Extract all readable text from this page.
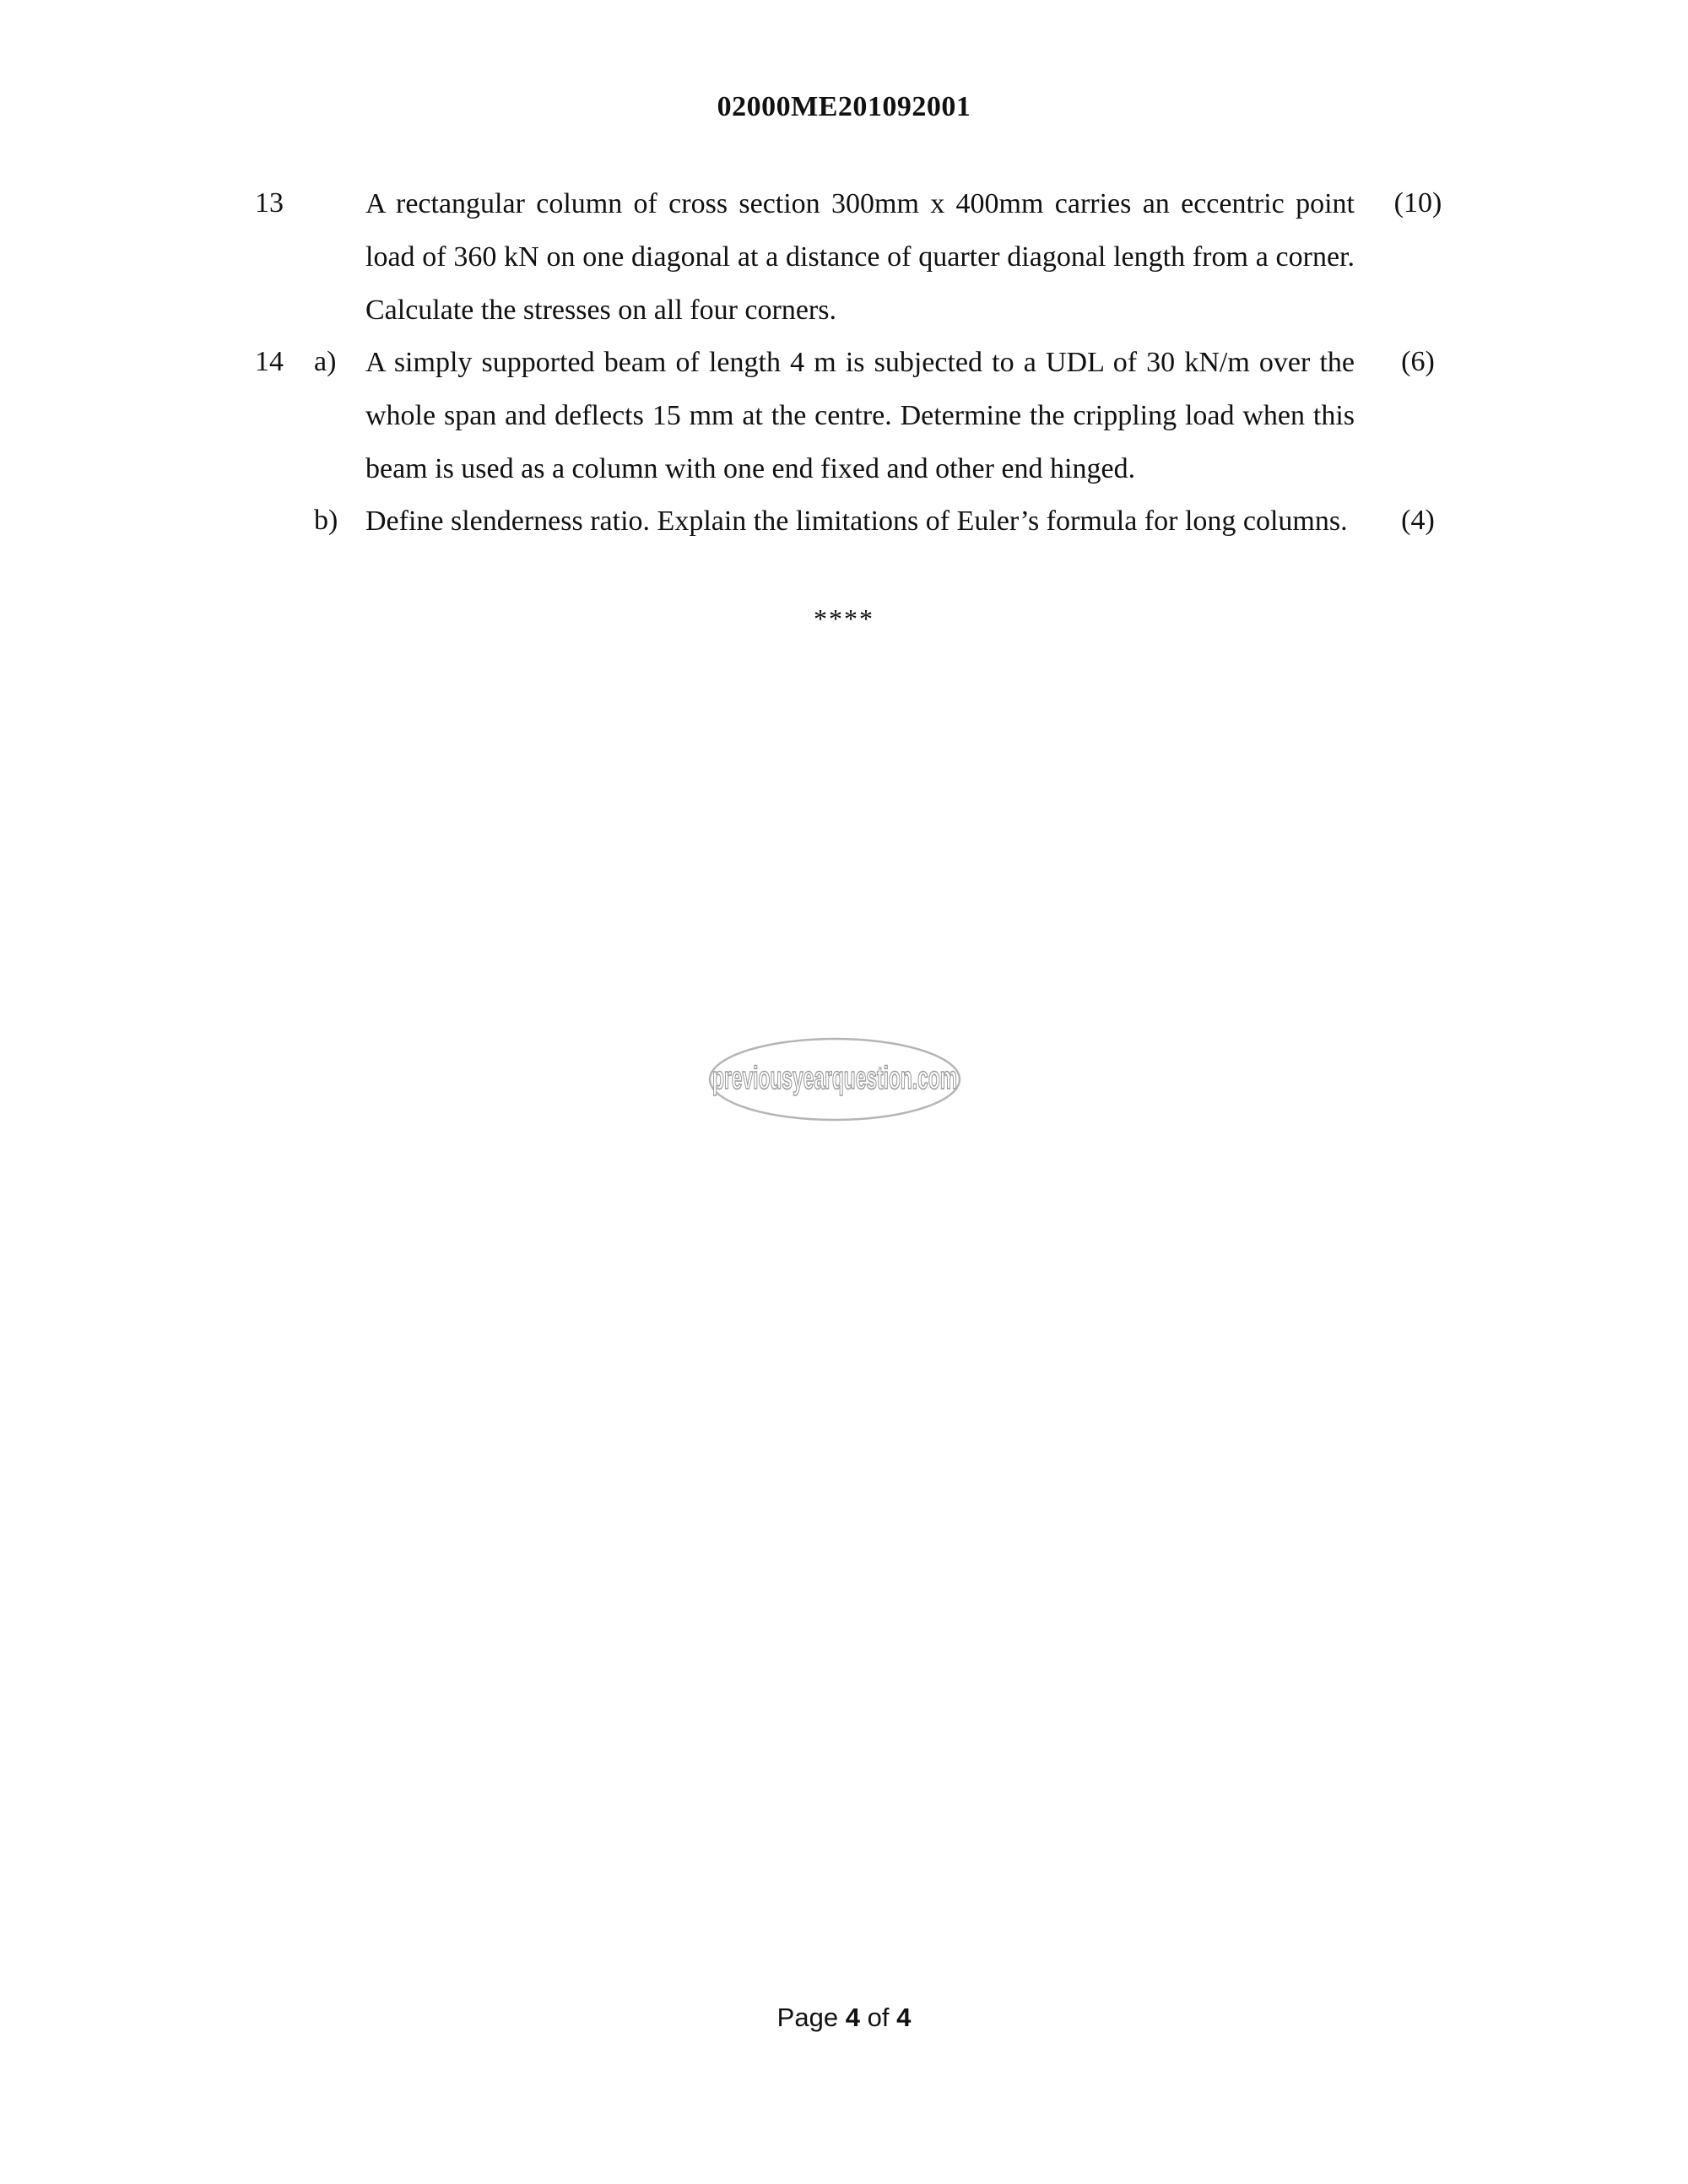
02000ME201092001
13	A rectangular column of cross section 300mm x 400mm carries an eccentric point load of 360 kN on one diagonal at a distance of quarter diagonal length from a corner. Calculate the stresses on all four corners.
(10)
14 a) A simply supported beam of length 4 m is subjected to a UDL of 30 kN/m over the whole span and deflects 15 mm at the centre. Determine the crippling load when this beam is used as a column with one end fixed and other end hinged.
(6)
b) Define slenderness ratio. Explain the limitations of Euler’s formula for long columns.	(4)
****
previousyearquestion.com
Page 4 of 4
